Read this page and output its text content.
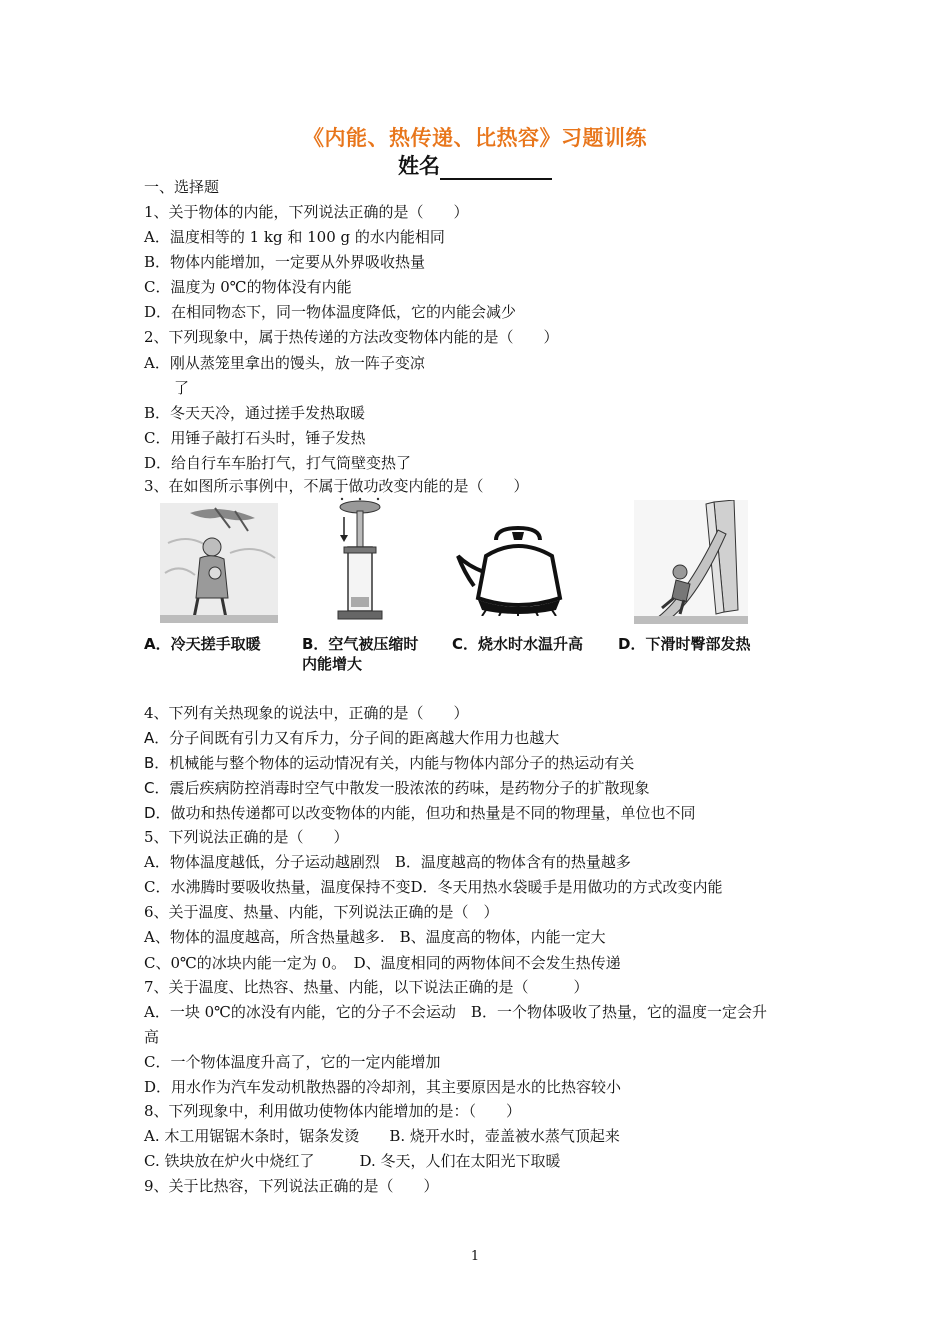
《内能、热传递、比热容》习题训练
姓名
一、选择题
1、关于物体的内能，下列说法正确的是（　　）
A．温度相等的 1 kg 和 100 g 的水内能相同
B．物体内能增加，一定要从外界吸收热量
C．温度为 0℃的物体没有内能
D．在相同物态下，同一物体温度降低，它的内能会减少
2、下列现象中，属于热传递的方法改变物体内能的是（　　）
A．刚从蒸笼里拿出的馒头，放一阵子变凉
了
B．冬天天冷，通过搓手发热取暖
C．用锤子敲打石头时，锤子发热
D．给自行车车胎打气，打气筒壁变热了
3、在如图所示事例中，不属于做功改变内能的是（　　）
A．冷天搓手取暖	B．空气被压缩时
内能增大
C．烧水时水温升高 D．下滑时臀部发热
4、下列有关热现象的说法中，正确的是（　　）
A．分子间既有引力又有斥力，分子间的距离越大作用力也越大
B．机械能与整个物体的运动情况有关，内能与物体内部分子的热运动有关
C．震后疾病防控消毒时空气中散发一股浓浓的药味，是药物分子的扩散现象
D．做功和热传递都可以改变物体的内能，但功和热量是不同的物理量，单位也不同
5、下列说法正确的是（　　）
A．物体温度越低，分子运动越剧烈　B．温度越高的物体含有的热量越多
C．水沸腾时要吸收热量，温度保持不变D．冬天用热水袋暖手是用做功的方式改变内能
6、关于温度、热量、内能，下列说法正确的是（　）
A、物体的温度越高，所含热量越多.　B、温度高的物体，内能一定大
C、0℃的冰块内能一定为 0。　D、温度相同的两物体间不会发生热传递
7、关于温度、比热容、热量、内能，以下说法正确的是（　　　）
A．一块 0℃的冰没有内能，它的分子不会运动　B．一个物体吸收了热量，它的温度一定会升
高
C．一个物体温度升高了，它的一定内能增加
D．用水作为汽车发动机散热器的冷却剂，其主要原因是水的比热容较小
8、下列现象中，利用做功使物体内能增加的是：（　　）
A. 木工用锯锯木条时，锯条发烫　　B. 烧开水时，壶盖被水蒸气顶起来
C. 铁块放在炉火中烧红了　　　D. 冬天，人们在太阳光下取暖
9、关于比热容，下列说法正确的是（　　）
1
